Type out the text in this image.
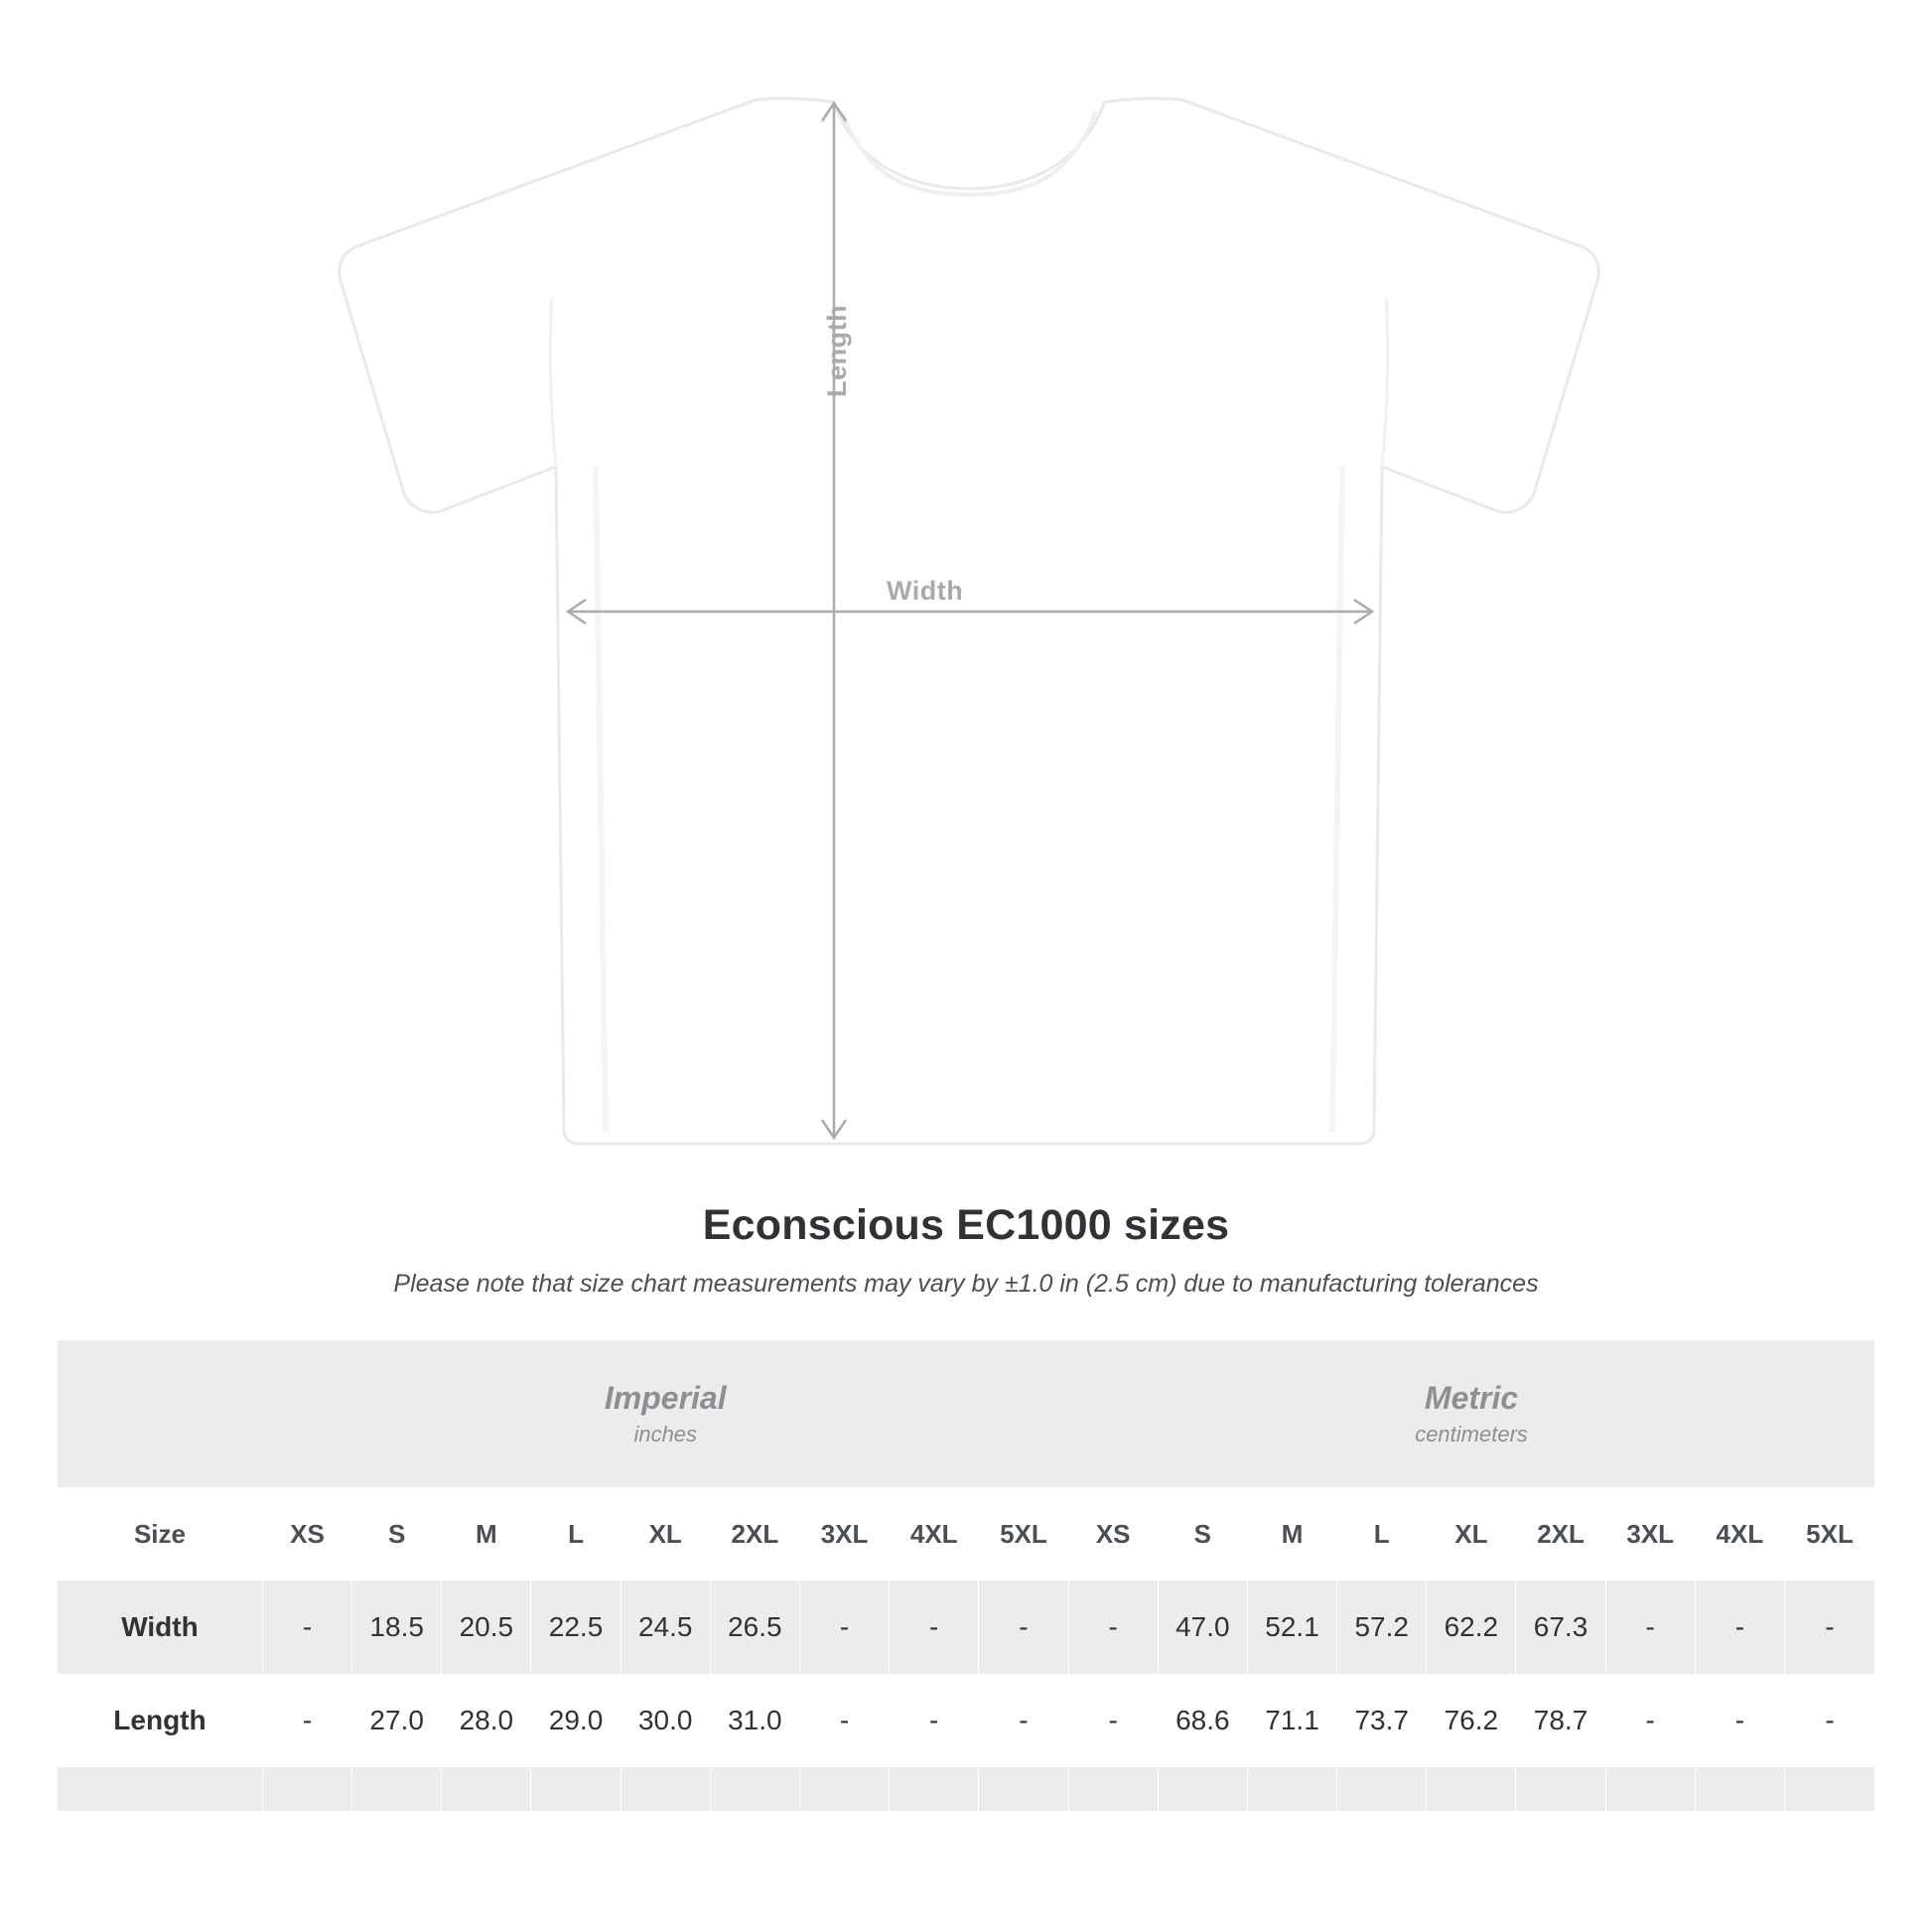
Length
Width
Econscious EC1000 sizes
Please note that size chart measurements may vary by ±1.0 in (2.5 cm) due to manufacturing tolerances

Imperial
inches

Metric
centimeters

Size	XS	S	M	L	XL	2XL	3XL	4XL	5XL	XS	S	M	L	XL	2XL	3XL	4XL	5XL
Width	-	18.5	20.5	22.5	24.5	26.5	-	-	-	-	47.0	52.1	57.2	62.2	67.3	-	-	-
Length	-	27.0	28.0	29.0	30.0	31.0	-	-	-	-	68.6	71.1	73.7	76.2	78.7	-	-	-
